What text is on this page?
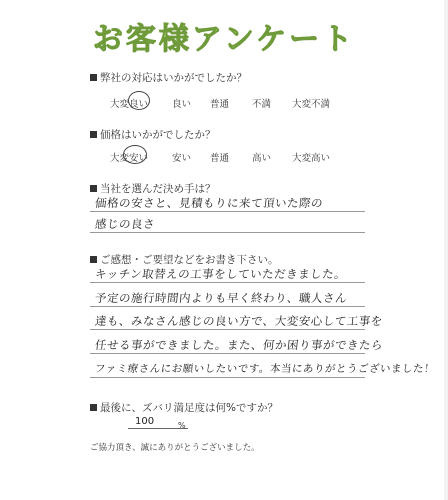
お客様アンケート
弊社の対応はいかがでしたか？
大変良い	良い 普通 不満 大変不満
価格はいかがでしたか？
大変安い	安い 普通 高い 大変高い
当社を選んだ決め手は？
価格の安さと、見積もりに来て頂いた際の
感じの良さ
ご感想・ご要望などをお書き下さい。
キッチン取替えの工事をしていただきました。
予定の施行時間内よりも早く終わり、職人さん
達も、みなさん感じの良い方で、大変安心して工事を
任せる事ができました。また、何か困り事ができたら
ファミ療さんにお願いしたいです。本当にありがとうございました！
最後に、ズバリ満足度は何%ですか？
100	%
ご協力頂き、誠にありがとうございました。
